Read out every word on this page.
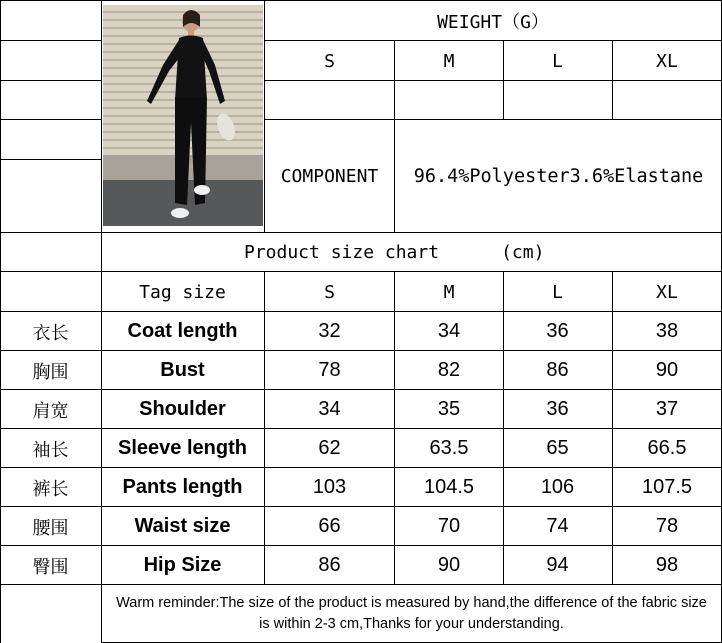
WEIGHT（G）
S	M	L	XL
COMPONENT	96.4%Polyester3.6%Elastane
Product size chart	(cm)
Tag size	S	M	L	XL
衣长	Coat length	32	34	36	38
胸围	Bust	78	82	86	90
肩宽	Shoulder	34	35	36	37
袖长	Sleeve length	62	63.5	65	66.5
裤长	Pants length	103	104.5	106	107.5
腰围	Waist size	66	70	74	78
臀围	Hip Size	86	90	94	98
Warm reminder:The size of the product is measured by hand,the difference of the fabric size is within 2-3 cm,Thanks for your understanding.
